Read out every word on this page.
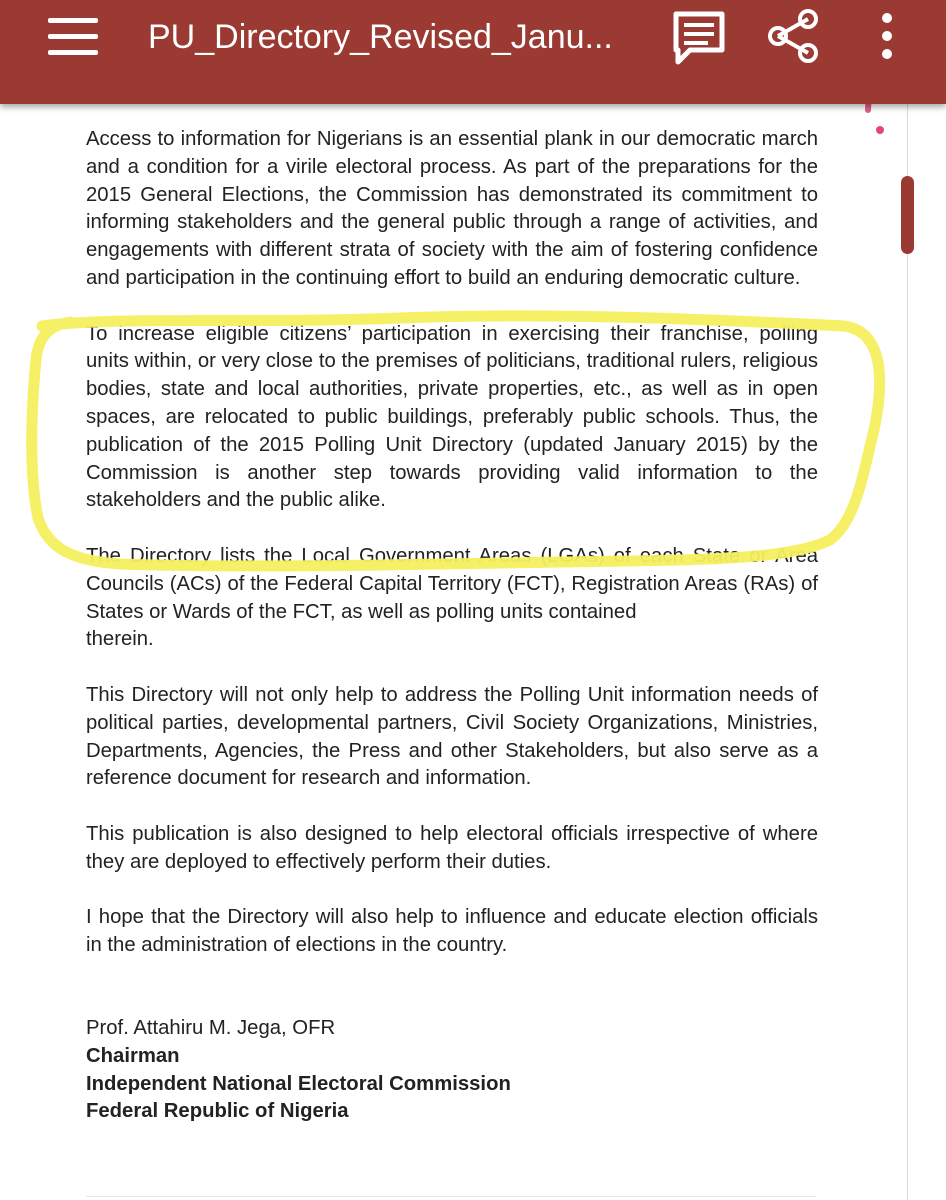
PU_Directory_Revised_Janu...

Access to information for Nigerians is an essential plank in our democratic march and a condition for a virile electoral process. As part of the preparations for the 2015 General Elections, the Commission has demonstrated its commitment to informing stakeholders and the general public through a range of activities, and engagements with different strata of society with the aim of fostering confidence and participation in the continuing effort to build an enduring democratic culture.

To increase eligible citizens’ participation in exercising their franchise, polling units within, or very close to the premises of politicians, traditional rulers, religious bodies, state and local authorities, private properties, etc., as well as in open spaces, are relocated to public buildings, preferably public schools. Thus, the publication of the 2015 Polling Unit Directory (updated January 2015) by the Commission is another step towards providing valid information to the stakeholders and the public alike.

The Directory lists the Local Government Areas (LGAs) of each State or Area Councils (ACs) of the Federal Capital Territory (FCT), Registration Areas (RAs) of States or Wards of the FCT, as well as polling units contained
therein.

This Directory will not only help to address the Polling Unit information needs of political parties, developmental partners, Civil Society Organizations, Ministries, Departments, Agencies, the Press and other Stakeholders, but also serve as a reference document for research and information.

This publication is also designed to help electoral officials irrespective of where they are deployed to effectively perform their duties.

I hope that the Directory will also help to influence and educate election officials in the administration of elections in the country.

Prof. Attahiru M. Jega, OFR

Chairman

Independent National Electoral Commission

Federal Republic of Nigeria
